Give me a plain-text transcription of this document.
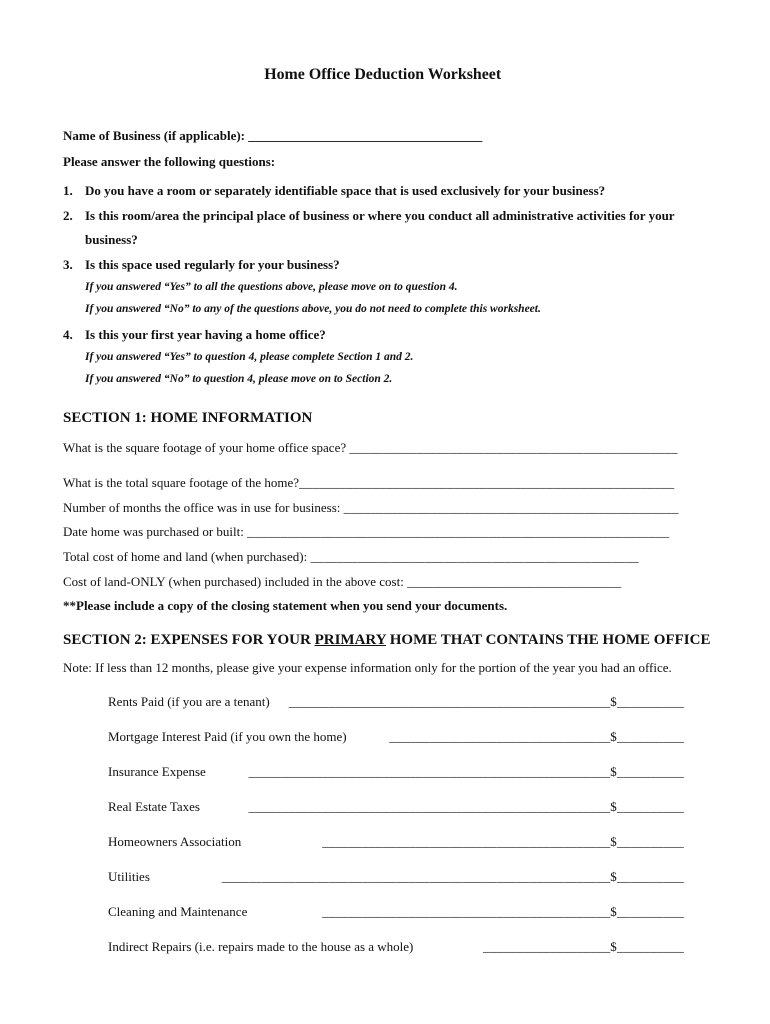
Home Office Deduction Worksheet
Name of Business (if applicable): ____________________________________
Please answer the following questions:
1. Do you have a room or separately identifiable space that is used exclusively for your business?
2. Is this room/area the principal place of business or where you conduct all administrative activities for your
business?
3. Is this space used regularly for your business?
If you answered “Yes” to all the questions above, please move on to question 4.
If you answered “No” to any of the questions above, you do not need to complete this worksheet.
4. Is this your first year having a home office?
If you answered “Yes” to question 4, please complete Section 1 and 2.
If you answered “No” to question 4, please move on to Section 2.
SECTION 1: HOME INFORMATION
What is the square footage of your home office space? _________________________________________________
What is the total square footage of the home?________________________________________________________
Number of months the office was in use for business: __________________________________________________
Date home was purchased or built: _______________________________________________________________
Total cost of home and land (when purchased): _________________________________________________
Cost of land-ONLY (when purchased) included in the above cost: ________________________________
**Please include a copy of the closing statement when you send your documents.
SECTION 2: EXPENSES FOR YOUR PRIMARY HOME THAT CONTAINS THE HOME OFFICE
Note: If less than 12 months, please give your expense information only for the portion of the year you had an office.
Rents Paid (if you are a tenant) ________________________________________________$__________
Mortgage Interest Paid (if you own the home)	_________________________________$__________
Insurance Expense	______________________________________________________$__________
Real Estate Taxes	______________________________________________________$__________
Homeowners Association	___________________________________________$__________
Utilities	__________________________________________________________$__________
Cleaning and Maintenance	___________________________________________$__________
Indirect Repairs (i.e. repairs made to the house as a whole)	___________________$__________
